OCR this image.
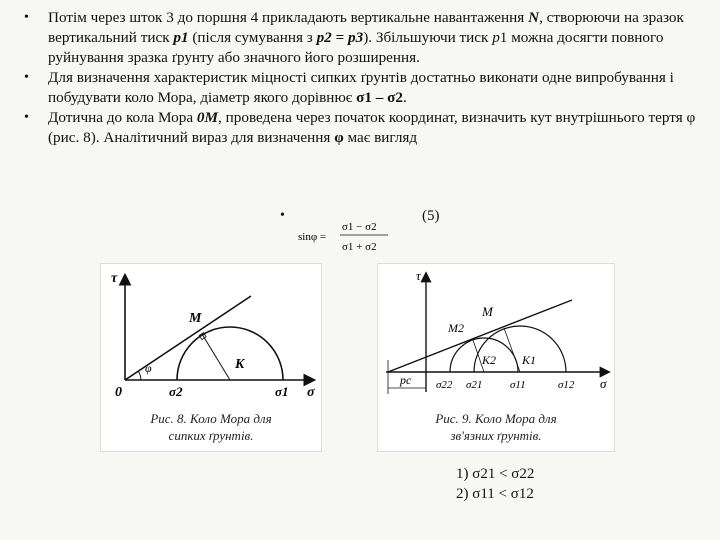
• Потім через шток 3 до поршня 4 прикладають вертикальне навантаження N, створюючи на зразок вертикальний тиск р1 (після сумування з р2 = р3). Збільшуючи тиск р1 можна досягти повного руйнування зразка ґрунту або значного його розширення.
• Для визначення характеристик міцності сипких ґрунтів достатньо виконати одне випробування і побудувати коло Мора, діаметр якого дорівнює σ1 – σ2.
• Дотична до кола Мора 0М, проведена через початок координат, визначить кут внутрішнього тертя φ (рис. 8). Аналітичний вираз для визначення φ має вигляд
•
sinφ =
σ1 − σ2
σ1 + σ2
(5)
τ
σ
0
φ
M
K
σ2	σ1
Рис. 8. Коло Мора для
сипких ґрунтів.
τ
σ
M
M2
K1
K2
pc σ22 σ21	σ11	σ12
Рис. 9. Коло Мора для
зв'язних ґрунтів.
1) σ21 < σ22
2) σ11 < σ12
